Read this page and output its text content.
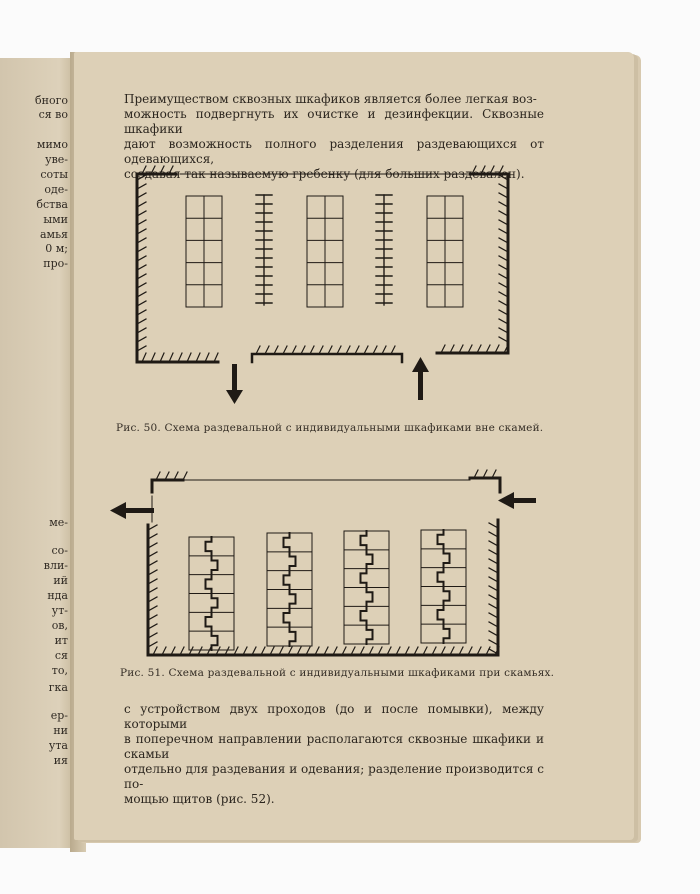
бного
ся во
мимо
уве-
соты
оде-
бства
ыми
амья
0 м;
про-
ме-
со-
вли-
ий
нда
ут-
ов,
ит
ся
то,
гка
ер-
ни
ута
ия
Преимуществом сквозных шкафиков является более легкая воз-
можность подвергнуть их очистке и дезинфекции. Сквозные шкафики
дают возможность полного разделения раздевающихся от одевающихся,
создавая так называемую гребенку (для больших раздевален).
Рис. 50. Схема раздевальной с индивидуальными шкафиками вне скамей.
Рис. 51. Схема раздевальной с индивидуальными шкафиками при скамьях.
с устройством двух проходов (до и после помывки), между которыми
в поперечном направлении располагаются сквозные шкафики и скамьи
отдельно для раздевания и одевания; разделение производится с по-
мощью щитов (рис. 52).
